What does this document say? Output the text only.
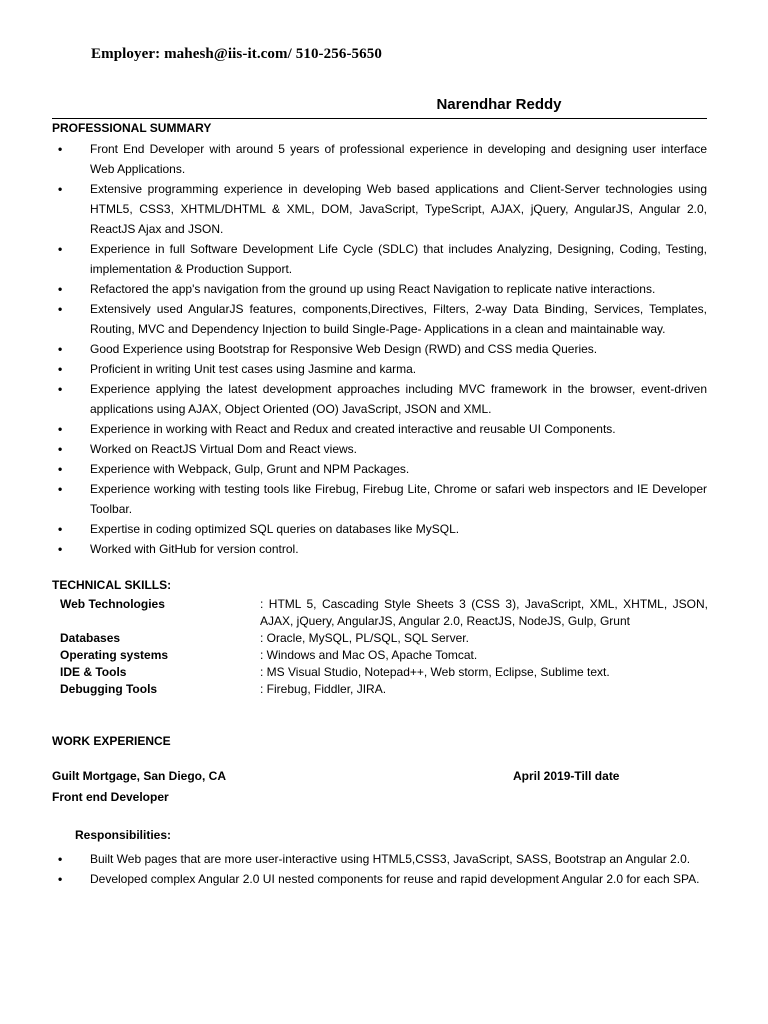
Employer: mahesh@iis-it.com/ 510-256-5650
Narendhar Reddy
PROFESSIONAL SUMMARY
•	Front End Developer with around 5 years of professional experience in developing and designing user interface Web Applications.
•	Extensive programming experience in developing Web based applications and Client-Server technologies using HTML5, CSS3, XHTML/DHTML & XML, DOM, JavaScript, TypeScript, AJAX, jQuery, AngularJS, Angular 2.0, ReactJS Ajax and JSON.
•	Experience in full Software Development Life Cycle (SDLC) that includes Analyzing, Designing, Coding, Testing, implementation & Production Support.
•	Refactored the app's navigation from the ground up using React Navigation to replicate native interactions.
•	Extensively used AngularJS features, components,Directives, Filters, 2-way Data Binding, Services, Templates, Routing, MVC and Dependency Injection to build Single-Page- Applications in a clean and maintainable way.
•	Good Experience using Bootstrap for Responsive Web Design (RWD) and CSS media Queries.
•	Proficient in writing Unit test cases using Jasmine and karma.
•	Experience applying the latest development approaches including MVC framework in the browser, event-driven applications using AJAX, Object Oriented (OO) JavaScript, JSON and XML.
•	Experience in working with React and Redux and created interactive and reusable UI Components.
•	Worked on ReactJS Virtual Dom and React views.
•	Experience with Webpack, Gulp, Grunt and NPM Packages.
•	Experience working with testing tools like Firebug, Firebug Lite, Chrome or safari web inspectors and IE Developer Toolbar.
•	Expertise in coding optimized SQL queries on databases like MySQL.
•	Worked with GitHub for version control.
TECHNICAL SKILLS:
Web Technologies	: HTML 5, Cascading Style Sheets 3 (CSS 3), JavaScript, XML, XHTML, JSON, AJAX, jQuery, AngularJS, Angular 2.0, ReactJS, NodeJS, Gulp, Grunt
Databases	: Oracle, MySQL, PL/SQL, SQL Server.
Operating systems	: Windows and Mac OS, Apache Tomcat.
IDE & Tools	: MS Visual Studio, Notepad++, Web storm, Eclipse, Sublime text.
Debugging Tools	: Firebug, Fiddler, JIRA.
WORK EXPERIENCE
Guilt Mortgage, San Diego, CA	April 2019-Till date
Front end Developer
Responsibilities:
•	Built Web pages that are more user-interactive using HTML5,CSS3, JavaScript, SASS, Bootstrap an Angular 2.0.
•	Developed complex Angular 2.0 UI nested components for reuse and rapid development Angular 2.0 for each SPA.
